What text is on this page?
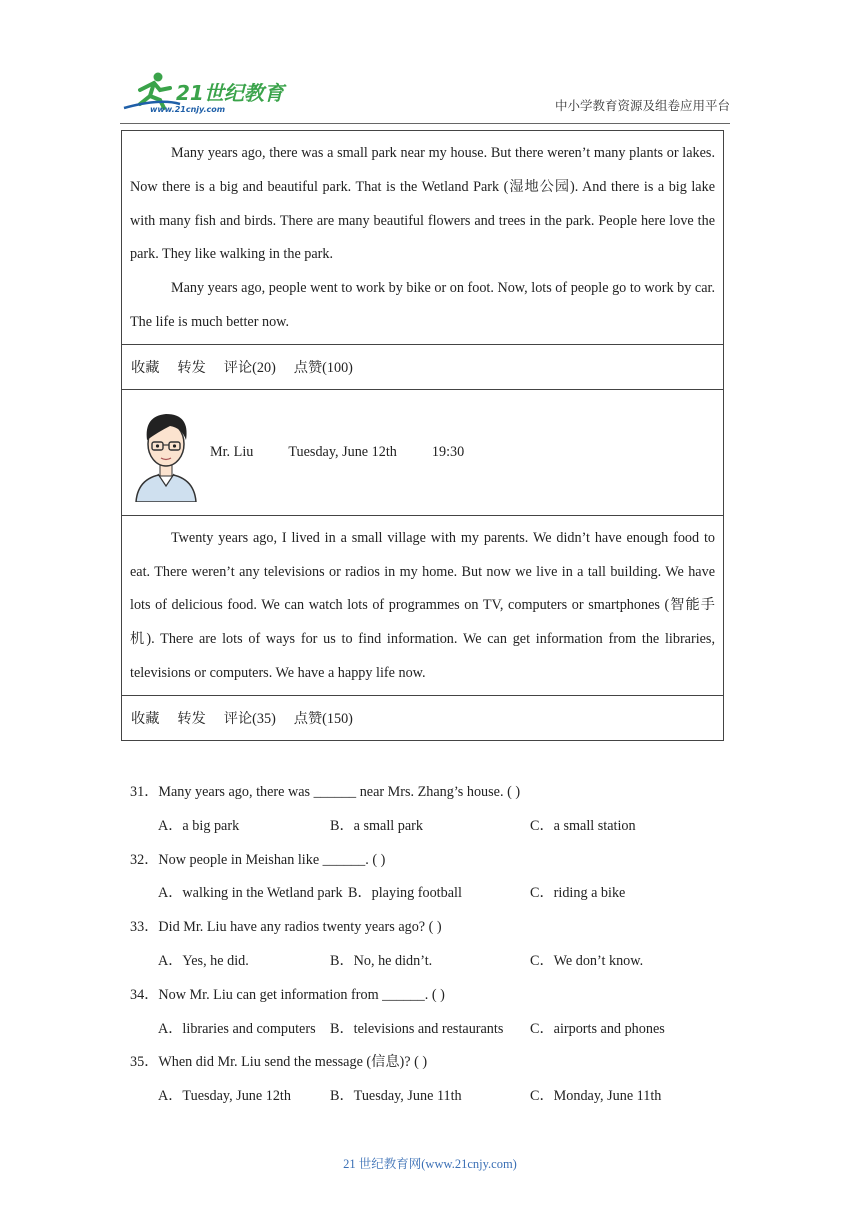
21世纪教育
www.21cnjy.com	中小学教育资源及组卷应用平台

Many years ago, there was a small park near my house. But there weren’t many plants or lakes. Now there is a big and beautiful park. That is the Wetland Park (湿地公园). And there is a big lake with many fish and birds. There are many beautiful flowers and trees in the park. People here love the park. They like walking in the park.

Many years ago, people went to work by bike or on foot. Now, lots of people go to work by car. The life is much better now.

收藏 转发 评论(20) 点赞(100)
Mr. Liu Tuesday, June 12th 19:30

Twenty years ago, I lived in a small village with my parents. We didn’t have enough food to eat. There weren’t any televisions or radios in my home. But now we live in a tall building. We have lots of delicious food. We can watch lots of programmes on TV, computers or smartphones (智能手机). There are lots of ways for us to find information. We can get information from the libraries, televisions or computers. We have a happy life now.

收藏 转发 评论(35) 点赞(150)
31．Many years ago, there was ______ near Mrs. Zhang’s house. ( )
A．a big park	B．a small park	C．a small station
32．Now people in Meishan like ______. ( )
A．walking in the Wetland park B．playing football	C．riding a bike
33．Did Mr. Liu have any radios twenty years ago? ( )
A．Yes, he did.	B．No, he didn’t.	C．We don’t know.
34．Now Mr. Liu can get information from ______. ( )
A．libraries and computers B．televisions and restaurants C．airports and phones
35．When did Mr. Liu send the message (信息)? ( )
A．Tuesday, June 12th	B．Tuesday, June 11th	C．Monday, June 11th
21 世纪教育网(www.21cnjy.com)
